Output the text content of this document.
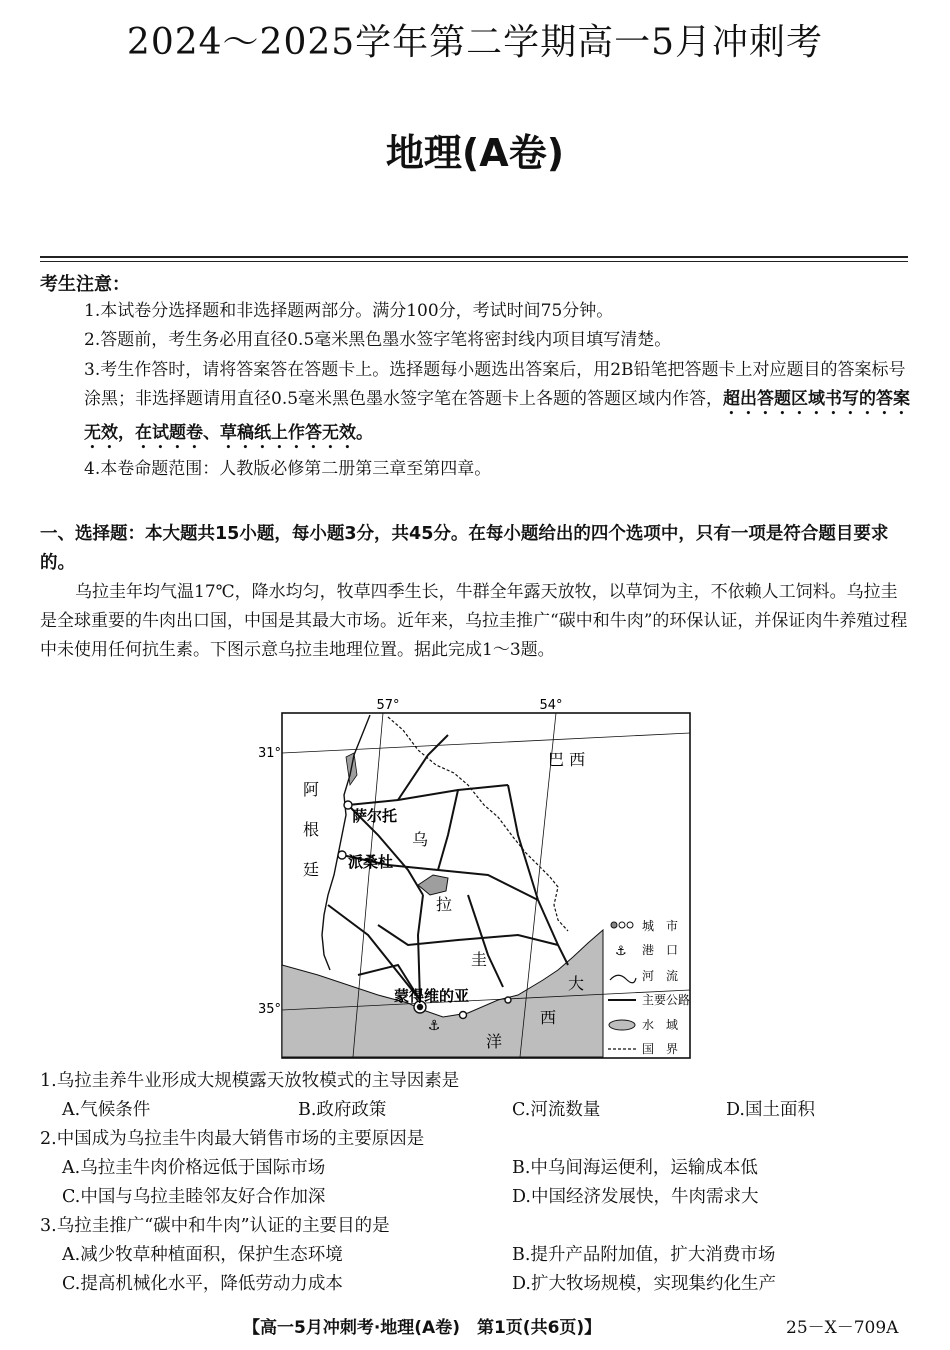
2024～2025学年第二学期高一5月冲刺考
地理(A卷)
考生注意：
1.本试卷分选择题和非选择题两部分。满分100分，考试时间75分钟。
2.答题前，考生务必用直径0.5毫米黑色墨水签字笔将密封线内项目填写清楚。
3.考生作答时，请将答案答在答题卡上。选择题每小题选出答案后，用2B铅笔把答题卡上对应题目的答案标号涂黑；非选择题请用直径0.5毫米黑色墨水签字笔在答题卡上各题的答题区域内作答，超出答题区域书写的答案无效，在试题卷、草稿纸上作答无效。
4.本卷命题范围：人教版必修第二册第三章至第四章。
一、选择题：本大题共15小题，每小题3分，共45分。在每小题给出的四个选项中，只有一项是符合题目要求的。
乌拉圭年均气温17℃，降水均匀，牧草四季生长，牛群全年露天放牧，以草饲为主，不依赖人工饲料。乌拉圭是全球重要的牛肉出口国，中国是其最大市场。近年来，乌拉圭推广“碳中和牛肉”的环保认证，并保证肉牛养殖过程中未使用任何抗生素。下图示意乌拉圭地理位置。据此完成1～3题。
⚓
57°	54°
31°
35°
阿
根
廷
巴 西
萨尔托
派桑杜
乌
拉
圭
蒙得维的亚
大
西
洋
城　市
⚓ 港　口
河　流
主要公路
水　域
国　界
1.乌拉圭养牛业形成大规模露天放牧模式的主导因素是
A.气候条件	B.政府政策	C.河流数量	D.国土面积
2.中国成为乌拉圭牛肉最大销售市场的主要原因是
A.乌拉圭牛肉价格远低于国际市场	B.中乌间海运便利，运输成本低
C.中国与乌拉圭睦邻友好合作加深	D.中国经济发展快，牛肉需求大
3.乌拉圭推广“碳中和牛肉”认证的主要目的是
A.减少牧草种植面积，保护生态环境	B.提升产品附加值，扩大消费市场
C.提高机械化水平，降低劳动力成本	D.扩大牧场规模，实现集约化生产
【高一5月冲刺考·地理(A卷)　第1页(共6页)】	25－X－709A
